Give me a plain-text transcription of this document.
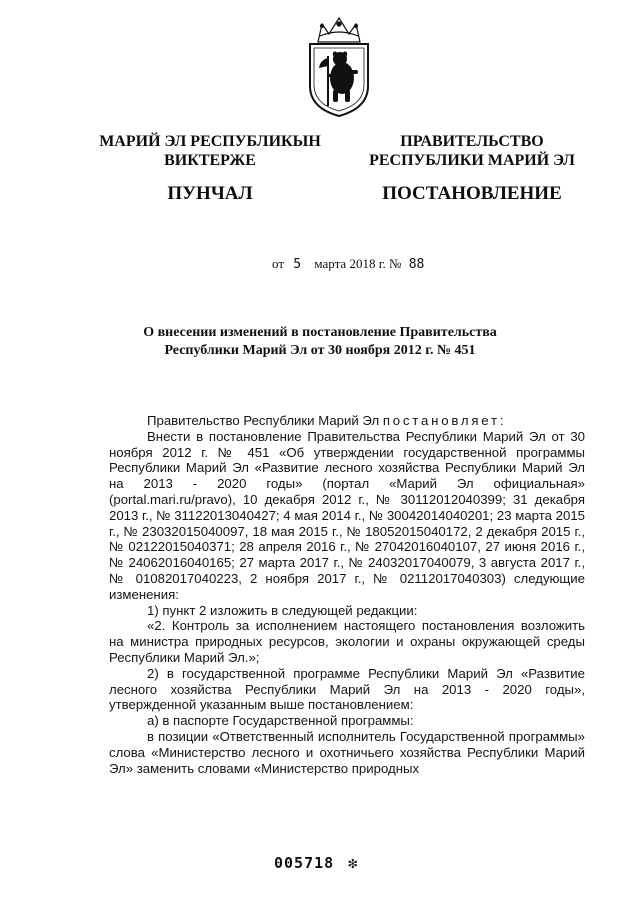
МАРИЙ ЭЛ РЕСПУБЛИКЫН
ВИКТЕРЖЕ
ПУНЧАЛ
ПРАВИТЕЛЬСТВО
РЕСПУБЛИКИ МАРИЙ ЭЛ
ПОСТАНОВЛЕНИЕ
от 5 марта 2018 г. № 88
О внесении изменений в постановление Правительства
Республики Марий Эл от 30 ноября 2012 г. № 451

Правительство Республики Марий Эл постановляет:

Внести в постановление Правительства Республики Марий Эл от 30 ноября 2012 г. № 451 «Об утверждении государственной программы Республики Марий Эл «Развитие лесного хозяйства Республики Марий Эл на 2013 - 2020 годы» (портал «Марий Эл официальная» (portal.mari.ru/pravo), 10 декабря 2012 г., № 30112012040399; 31 декабря 2013 г., № 31122013040427; 4 мая 2014 г., № 30042014040201; 23 марта 2015 г., № 23032015040097, 18 мая 2015 г., № 18052015040172, 2 декабря 2015 г., № 02122015040371; 28 апреля 2016 г., № 27042016040107, 27 июня 2016 г., № 24062016040165; 27 марта 2017 г., № 24032017040079, 3 августа 2017 г., № 01082017040223, 2 ноября 2017 г., № 02112017040303) следующие изменения:

1) пункт 2 изложить в следующей редакции:

«2. Контроль за исполнением настоящего постановления возложить на министра природных ресурсов, экологии и охраны окружающей среды Республики Марий Эл.»;

2) в государственной программе Республики Марий Эл «Развитие лесного хозяйства Республики Марий Эл на 2013 - 2020 годы», утвержденной указанным выше постановлением:

а) в паспорте Государственной программы:

в позиции «Ответственный исполнитель Государственной программы» слова «Министерство лесного и охотничьего хозяйства Республики Марий Эл» заменить словами «Министерство природных

005718 ❇
